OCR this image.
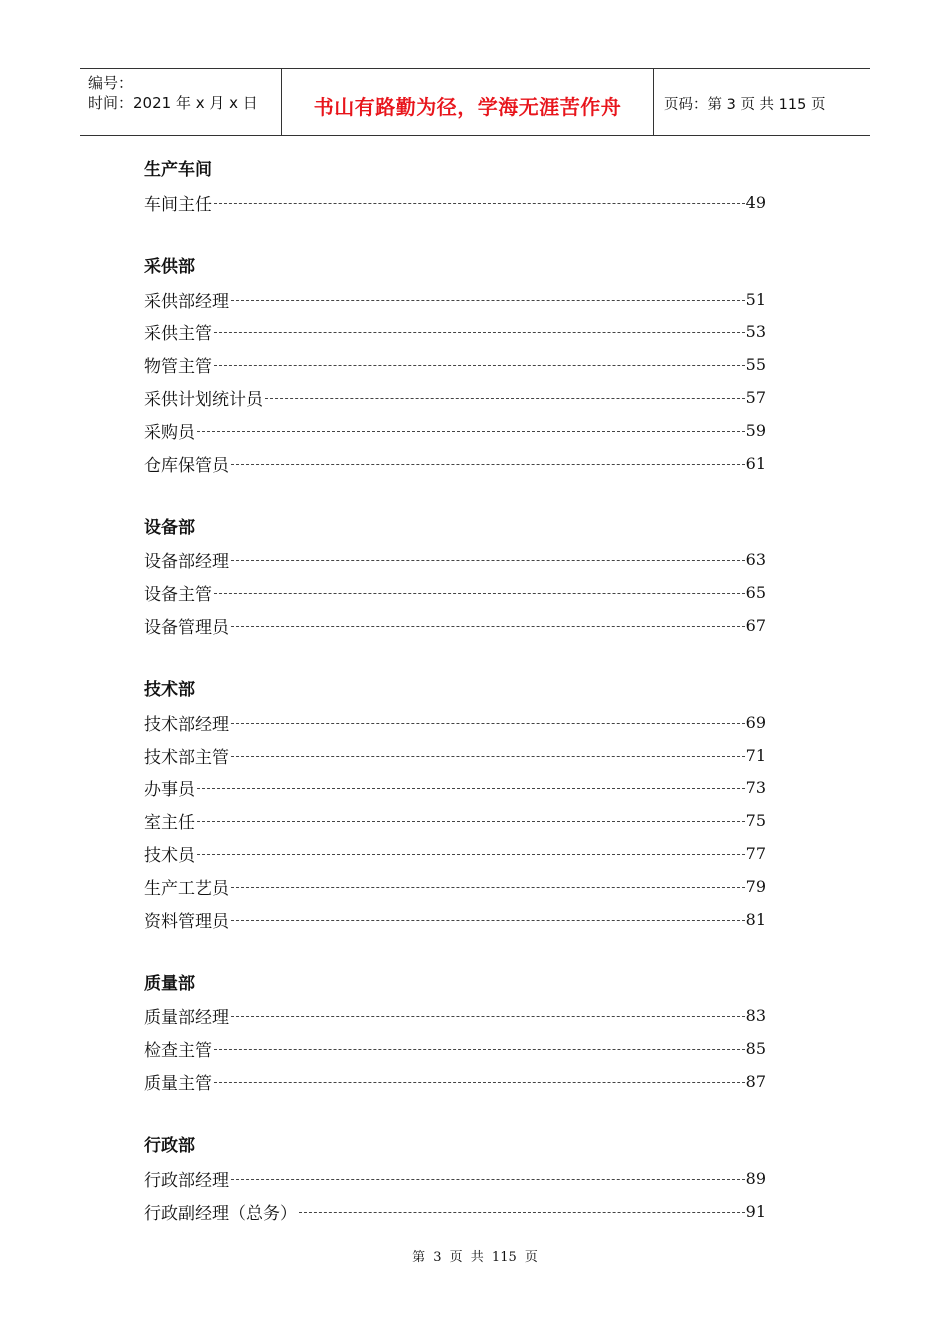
编号：
时间：2021 年 x 月 x 日	书山有路勤为径，学海无涯苦作舟	页码：第 3 页 共 115 页
生产车间
车间主任	49
采供部
采供部经理	51
采供主管	53
物管主管	55
采供计划统计员	57
采购员	59
仓库保管员	61
设备部
设备部经理	63
设备主管	65
设备管理员	67
技术部
技术部经理	69
技术部主管	71
办事员	73
室主任	75
技术员	77
生产工艺员	79
资料管理员	81
质量部
质量部经理	83
检查主管	85
质量主管	87
行政部
行政部经理	89
行政副经理（总务）	91
第 3 页 共 115 页
